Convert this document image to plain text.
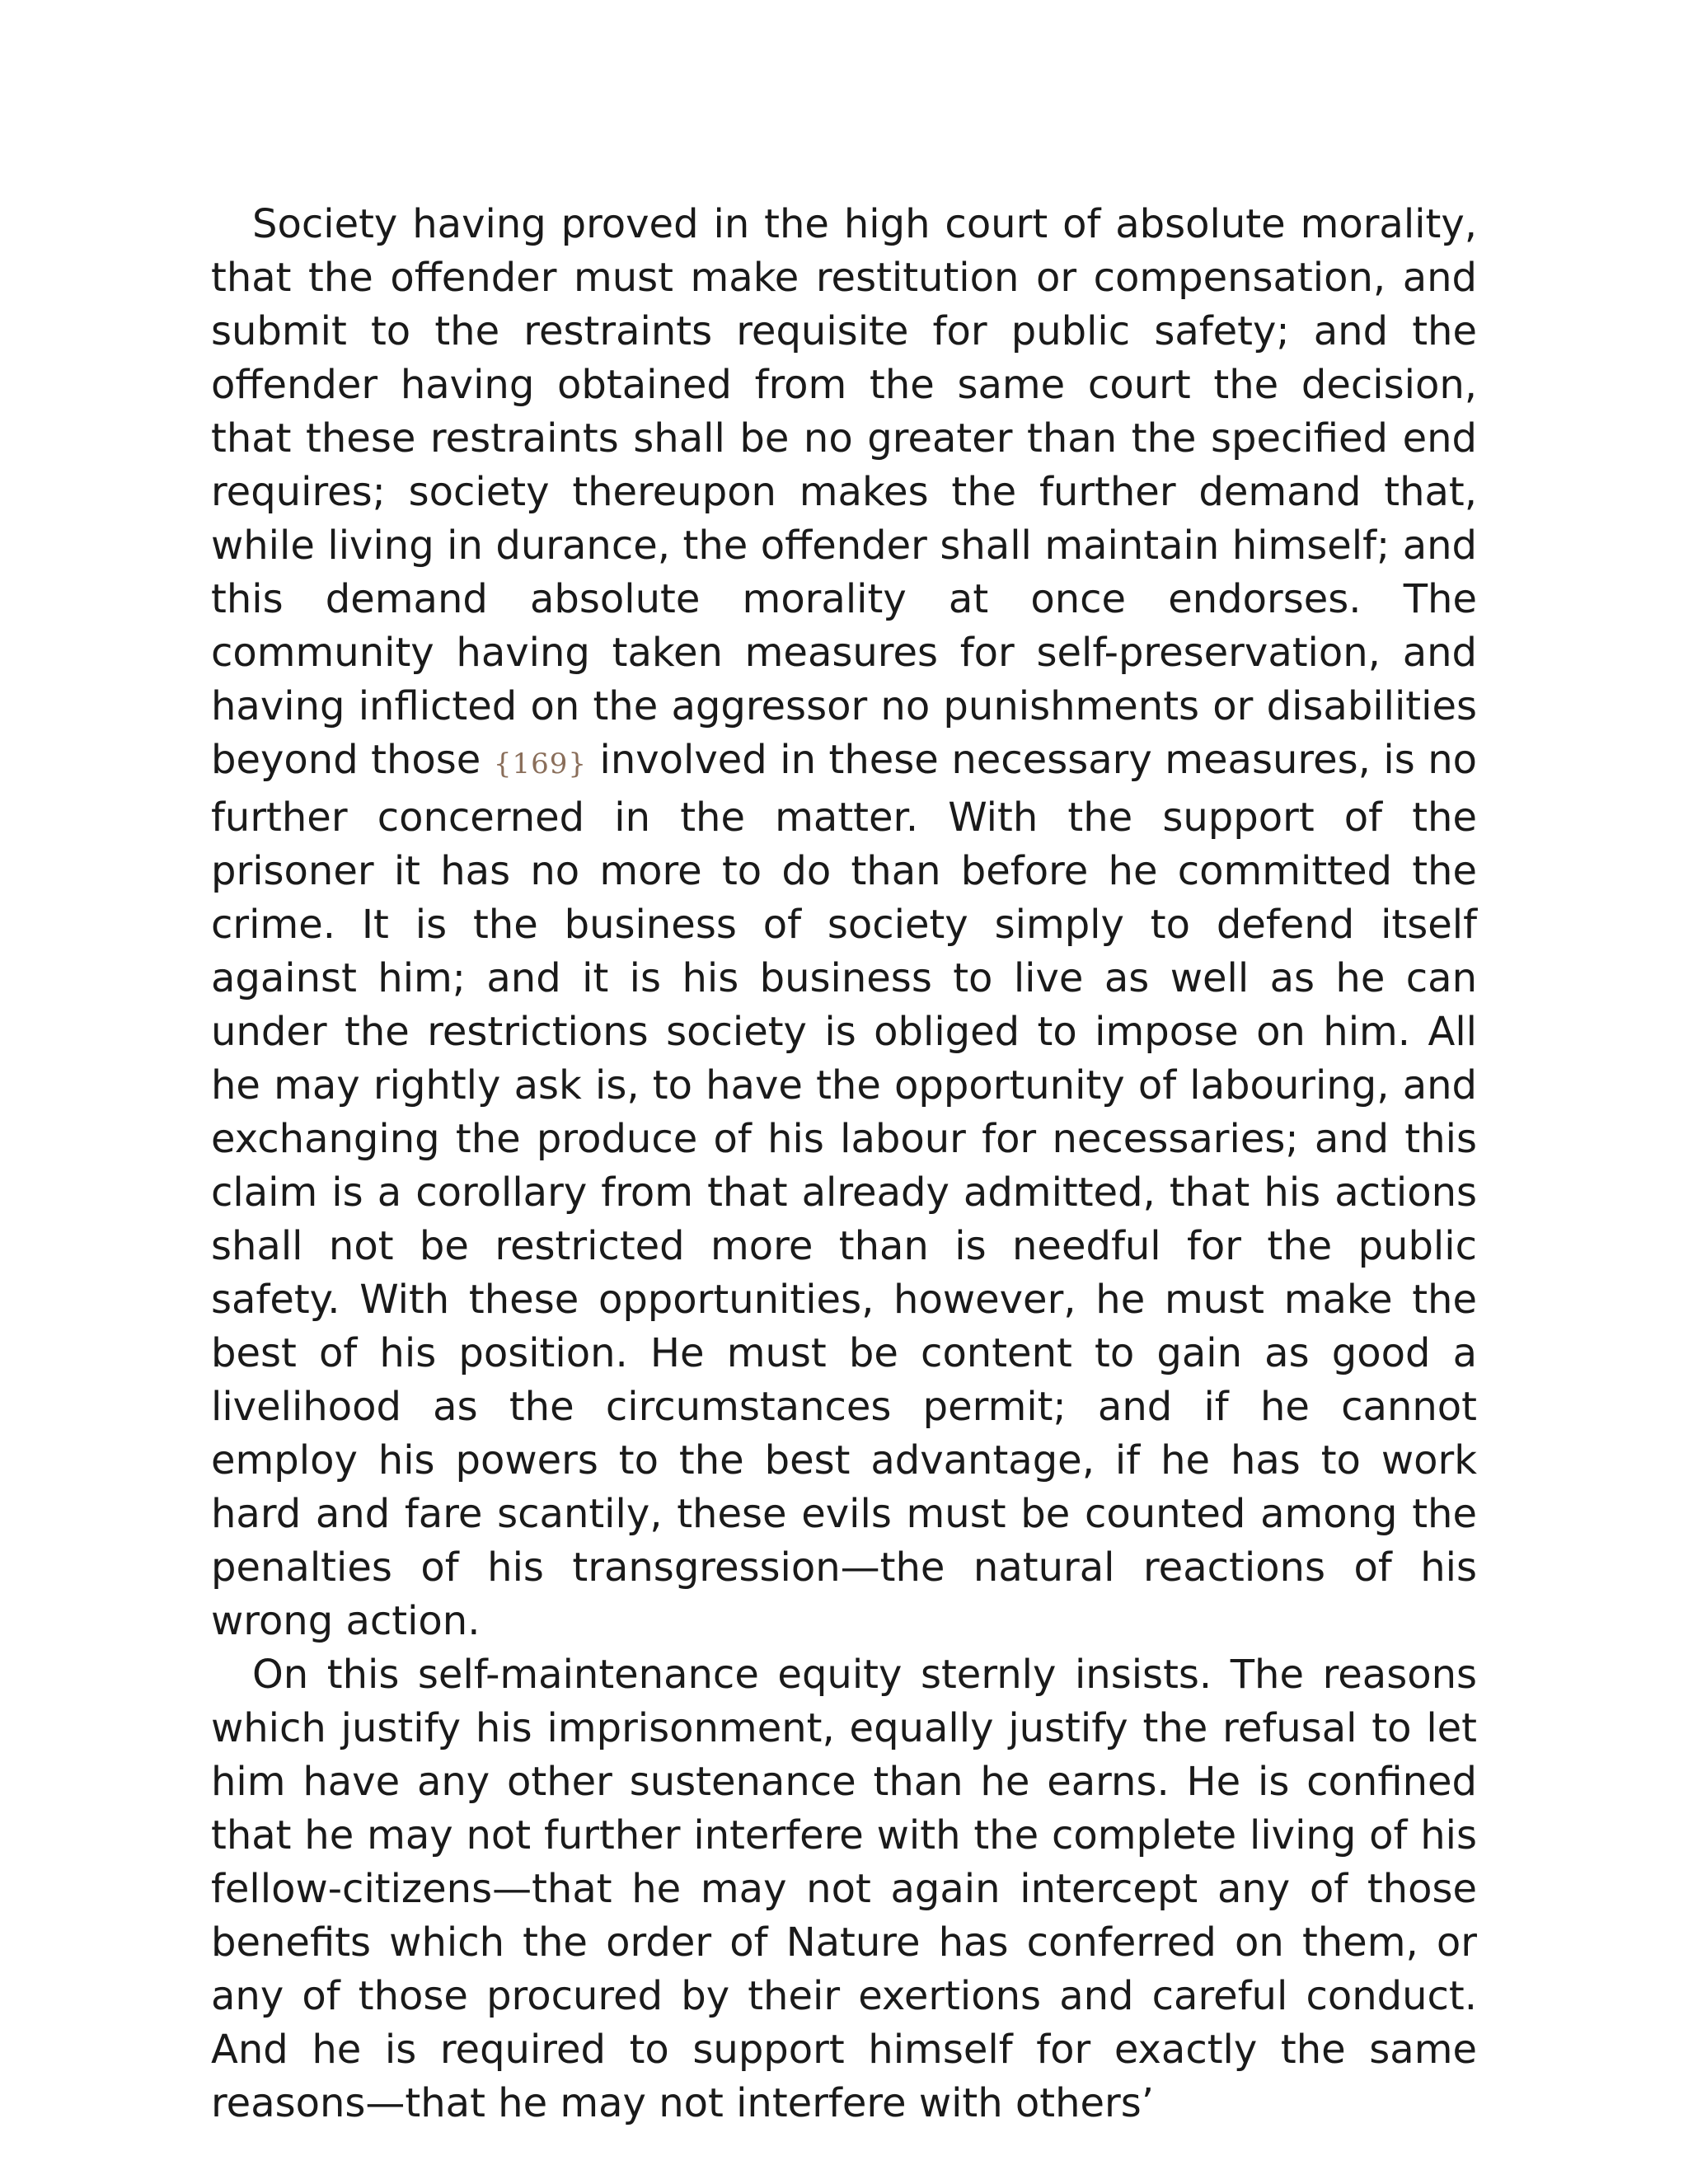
Society having proved in the high court of absolute morality, that the offender must make restitution or compensation, and submit to the restraints requisite for public safety; and the offender having obtained from the same court the decision, that these restraints shall be no greater than the specified end requires; society thereupon makes the further demand that, while living in durance, the offender shall maintain himself; and this demand absolute morality at once endorses. The community having taken measures for self-preservation, and having inflicted on the aggressor no punishments or disabilities beyond those {169} involved in these necessary measures, is no further concerned in the matter. With the support of the prisoner it has no more to do than before he committed the crime. It is the business of society simply to defend itself against him; and it is his business to live as well as he can under the restrictions society is obliged to impose on him. All he may rightly ask is, to have the opportunity of labouring, and exchanging the produce of his labour for necessaries; and this claim is a corollary from that already admitted, that his actions shall not be restricted more than is needful for the public safety. With these opportunities, however, he must make the best of his position. He must be content to gain as good a livelihood as the circumstances permit; and if he cannot employ his powers to the best advantage, if he has to work hard and fare scantily, these evils must be counted among the penalties of his transgression—the natural reactions of his wrong action.

On this self-maintenance equity sternly insists. The reasons which justify his imprisonment, equally justify the refusal to let him have any other sustenance than he earns. He is confined that he may not further interfere with the complete living of his fellow-citizens—that he may not again intercept any of those benefits which the order of Nature has conferred on them, or any of those procured by their exertions and careful conduct. And he is required to support himself for exactly the same reasons—that he may not interfere with others’
